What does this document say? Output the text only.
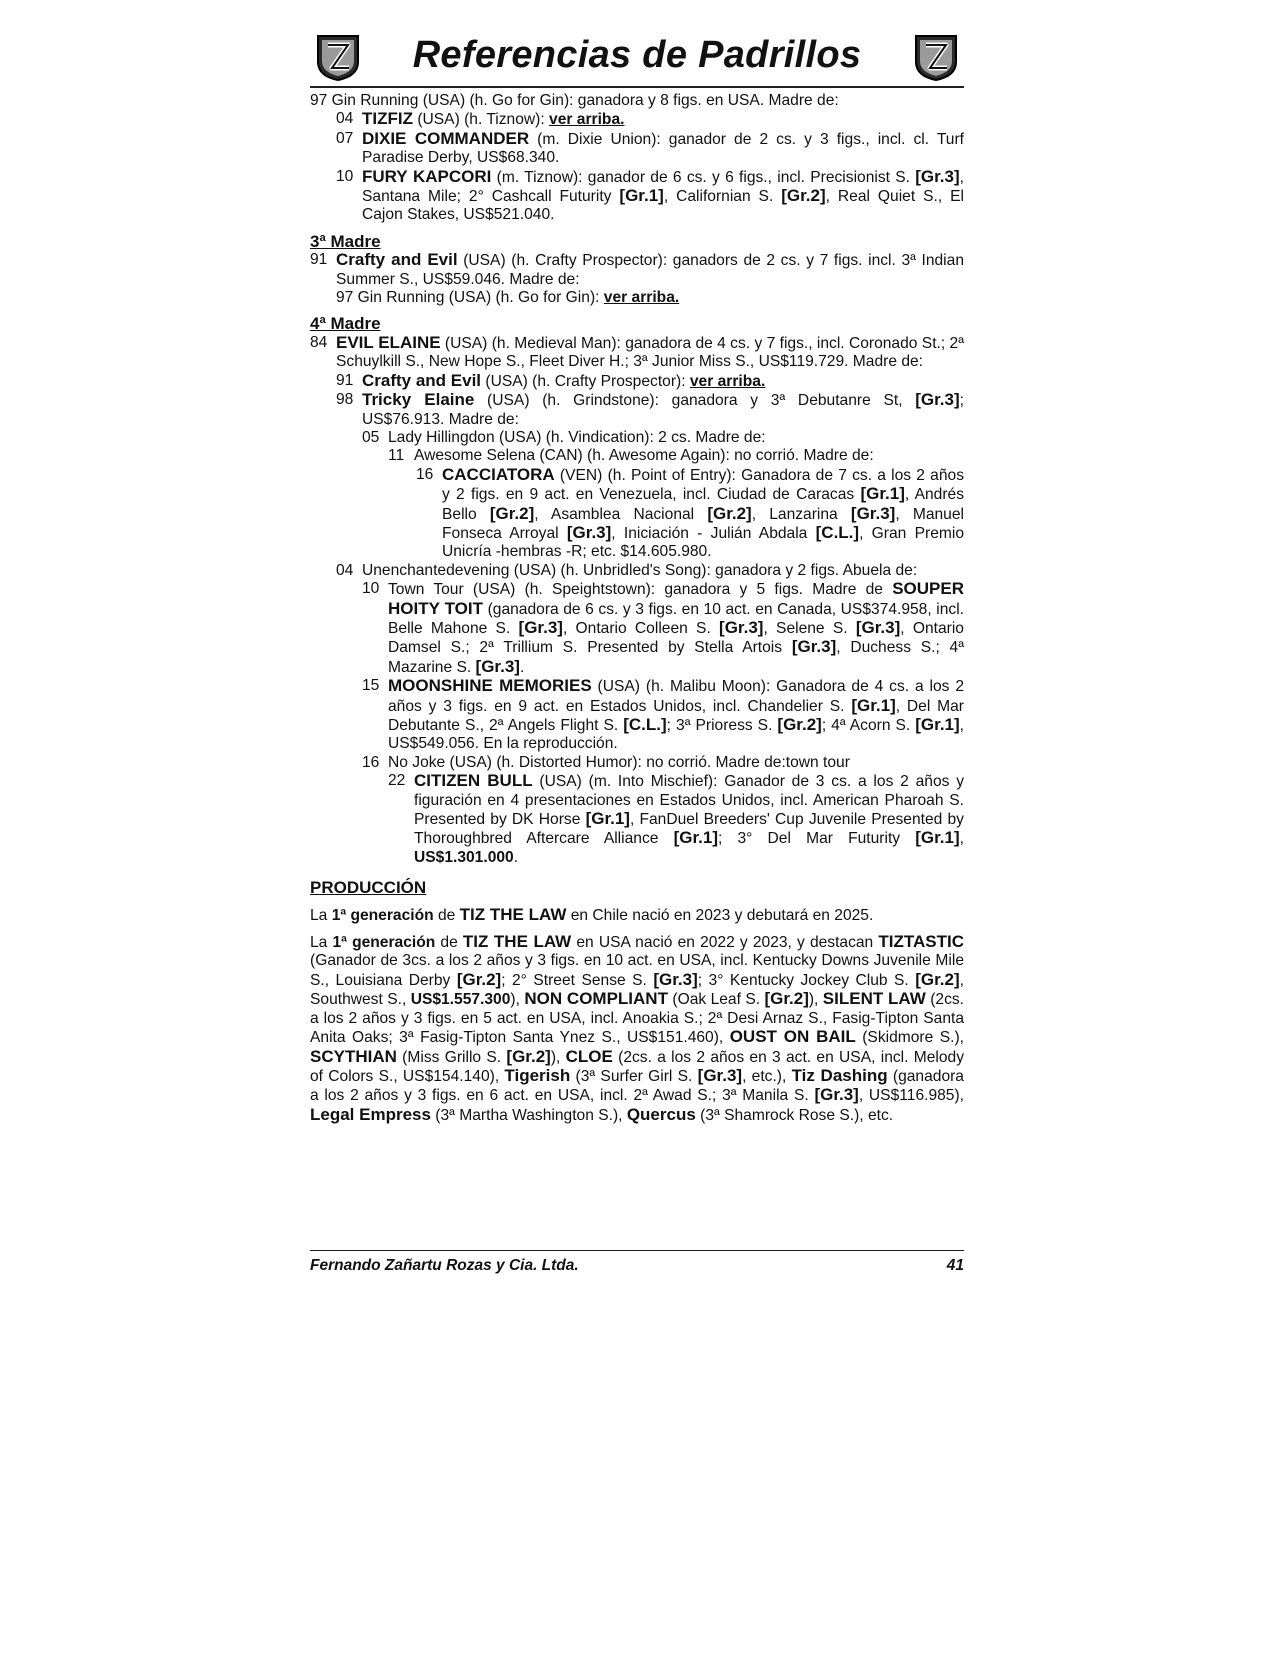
Referencias de Padrillos
97 Gin Running (USA) (h. Go for Gin): ganadora y 8 figs. en USA. Madre de:
04 TIZFIZ (USA) (h. Tiznow): ver arriba.
07 DIXIE COMMANDER (m. Dixie Union): ganador de 2 cs. y 3 figs., incl. cl. Turf Paradise Derby, US$68.340.
10 FURY KAPCORI (m. Tiznow): ganador de 6 cs. y 6 figs., incl. Precisionist S. [Gr.3], Santana Mile; 2° Cashcall Futurity [Gr.1], Californian S. [Gr.2], Real Quiet S., El Cajon Stakes, US$521.040.
3ª Madre
91 Crafty and Evil (USA) (h. Crafty Prospector): ganadors de 2 cs. y 7 figs. incl. 3ª Indian Summer S., US$59.046. Madre de:
97 Gin Running (USA) (h. Go for Gin): ver arriba.
4ª Madre
84 EVIL ELAINE (USA) (h. Medieval Man): ganadora de 4 cs. y 7 figs., incl. Coronado St.; 2ª Schuylkill S., New Hope S., Fleet Diver H.; 3ª Junior Miss S., US$119.729. Madre de:
91 Crafty and Evil (USA) (h. Crafty Prospector): ver arriba.
98 Tricky Elaine (USA) (h. Grindstone): ganadora y 3ª Debutanre St, [Gr.3]; US$76.913. Madre de:
05 Lady Hillingdon (USA) (h. Vindication): 2 cs. Madre de:
11 Awesome Selena (CAN) (h. Awesome Again): no corrió. Madre de:
16 CACCIATORA (VEN) (h. Point of Entry): Ganadora de 7 cs. a los 2 años y 2 figs. en 9 act. en Venezuela, incl. Ciudad de Caracas [Gr.1], Andrés Bello [Gr.2], Asamblea Nacional [Gr.2], Lanzarina [Gr.3], Manuel Fonseca Arroyal [Gr.3], Iniciación - Julián Abdala [C.L.], Gran Premio Unicría -hembras -R; etc. $14.605.980.
04 Unenchantedevening (USA) (h. Unbridled's Song): ganadora y 2 figs. Abuela de:
10 Town Tour (USA) (h. Speightstown): ganadora y 5 figs. Madre de SOUPER HOITY TOIT (ganadora de 6 cs. y 3 figs. en 10 act. en Canada, US$374.958, incl. Belle Mahone S. [Gr.3], Ontario Colleen S. [Gr.3], Selene S. [Gr.3], Ontario Damsel S.; 2ª Trillium S. Presented by Stella Artois [Gr.3], Duchess S.; 4ª Mazarine S. [Gr.3].
15 MOONSHINE MEMORIES (USA) (h. Malibu Moon): Ganadora de 4 cs. a los 2 años y 3 figs. en 9 act. en Estados Unidos, incl. Chandelier S. [Gr.1], Del Mar Debutante S., 2ª Angels Flight S. [C.L.]; 3ª Prioress S. [Gr.2]; 4ª Acorn S. [Gr.1], US$549.056. En la reproducción.
16 No Joke (USA) (h. Distorted Humor): no corrió. Madre de:town tour
22 CITIZEN BULL (USA) (m. Into Mischief): Ganador de 3 cs. a los 2 años y figuración en 4 presentaciones en Estados Unidos, incl. American Pharoah S. Presented by DK Horse [Gr.1], FanDuel Breeders' Cup Juvenile Presented by Thoroughbred Aftercare Alliance [Gr.1]; 3° Del Mar Futurity [Gr.1], US$1.301.000.
PRODUCCIÓN
La 1ª generación de TIZ THE LAW en Chile nació en 2023 y debutará en 2025.
La 1ª generación de TIZ THE LAW en USA nació en 2022 y 2023, y destacan TIZTASTIC (Ganador de 3cs. a los 2 años y 3 figs. en 10 act. en USA, incl. Kentucky Downs Juvenile Mile S., Louisiana Derby [Gr.2]; 2° Street Sense S. [Gr.3]; 3° Kentucky Jockey Club S. [Gr.2], Southwest S., US$1.557.300), NON COMPLIANT (Oak Leaf S. [Gr.2]), SILENT LAW (2cs. a los 2 años y 3 figs. en 5 act. en USA, incl. Anoakia S.; 2ª Desi Arnaz S., Fasig-Tipton Santa Anita Oaks; 3ª Fasig-Tipton Santa Ynez S., US$151.460), OUST ON BAIL (Skidmore S.), SCYTHIAN (Miss Grillo S. [Gr.2]), CLOE (2cs. a los 2 años en 3 act. en USA, incl. Melody of Colors S., US$154.140), Tigerish (3ª Surfer Girl S. [Gr.3], etc.), Tiz Dashing (ganadora a los 2 años y 3 figs. en 6 act. en USA, incl. 2ª Awad S.; 3ª Manila S. [Gr.3], US$116.985), Legal Empress (3ª Martha Washington S.), Quercus (3ª Shamrock Rose S.), etc.
Fernando Zañartu Rozas y Cia. Ltda.	41
